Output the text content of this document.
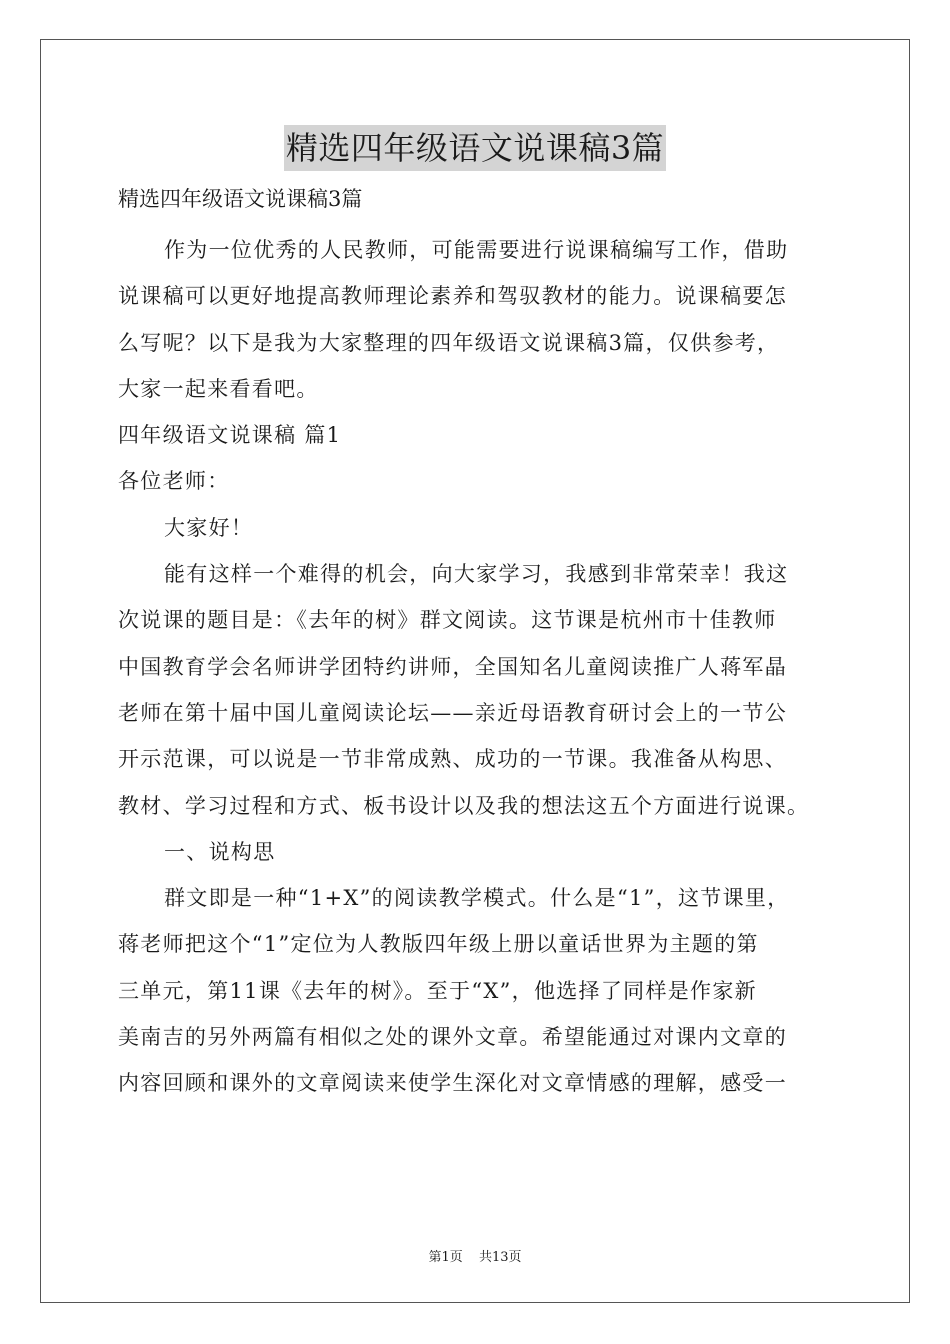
精选四年级语文说课稿3篇
精选四年级语文说课稿3篇
作为一位优秀的人民教师，可能需要进行说课稿编写工作，借助
说课稿可以更好地提高教师理论素养和驾驭教材的能力。说课稿要怎
么写呢？以下是我为大家整理的四年级语文说课稿3篇，仅供参考，
大家一起来看看吧。
四年级语文说课稿 篇1
各位老师：
大家好！
能有这样一个难得的机会，向大家学习，我感到非常荣幸！我这
次说课的题目是：《去年的树》群文阅读。这节课是杭州市十佳教师
中国教育学会名师讲学团特约讲师，全国知名儿童阅读推广人蒋军晶
老师在第十届中国儿童阅读论坛——亲近母语教育研讨会上的一节公
开示范课，可以说是一节非常成熟、成功的一节课。我准备从构思、
教材、学习过程和方式、板书设计以及我的想法这五个方面进行说课。
一、说构思
群文即是一种“1+X”的阅读教学模式。什么是“1”，这节课里，
蒋老师把这个“1”定位为人教版四年级上册以童话世界为主题的第
三单元，第11课《去年的树》。至于“X”，他选择了同样是作家新
美南吉的另外两篇有相似之处的课外文章。希望能通过对课内文章的
内容回顾和课外的文章阅读来使学生深化对文章情感的理解，感受一
第1页 共13页
